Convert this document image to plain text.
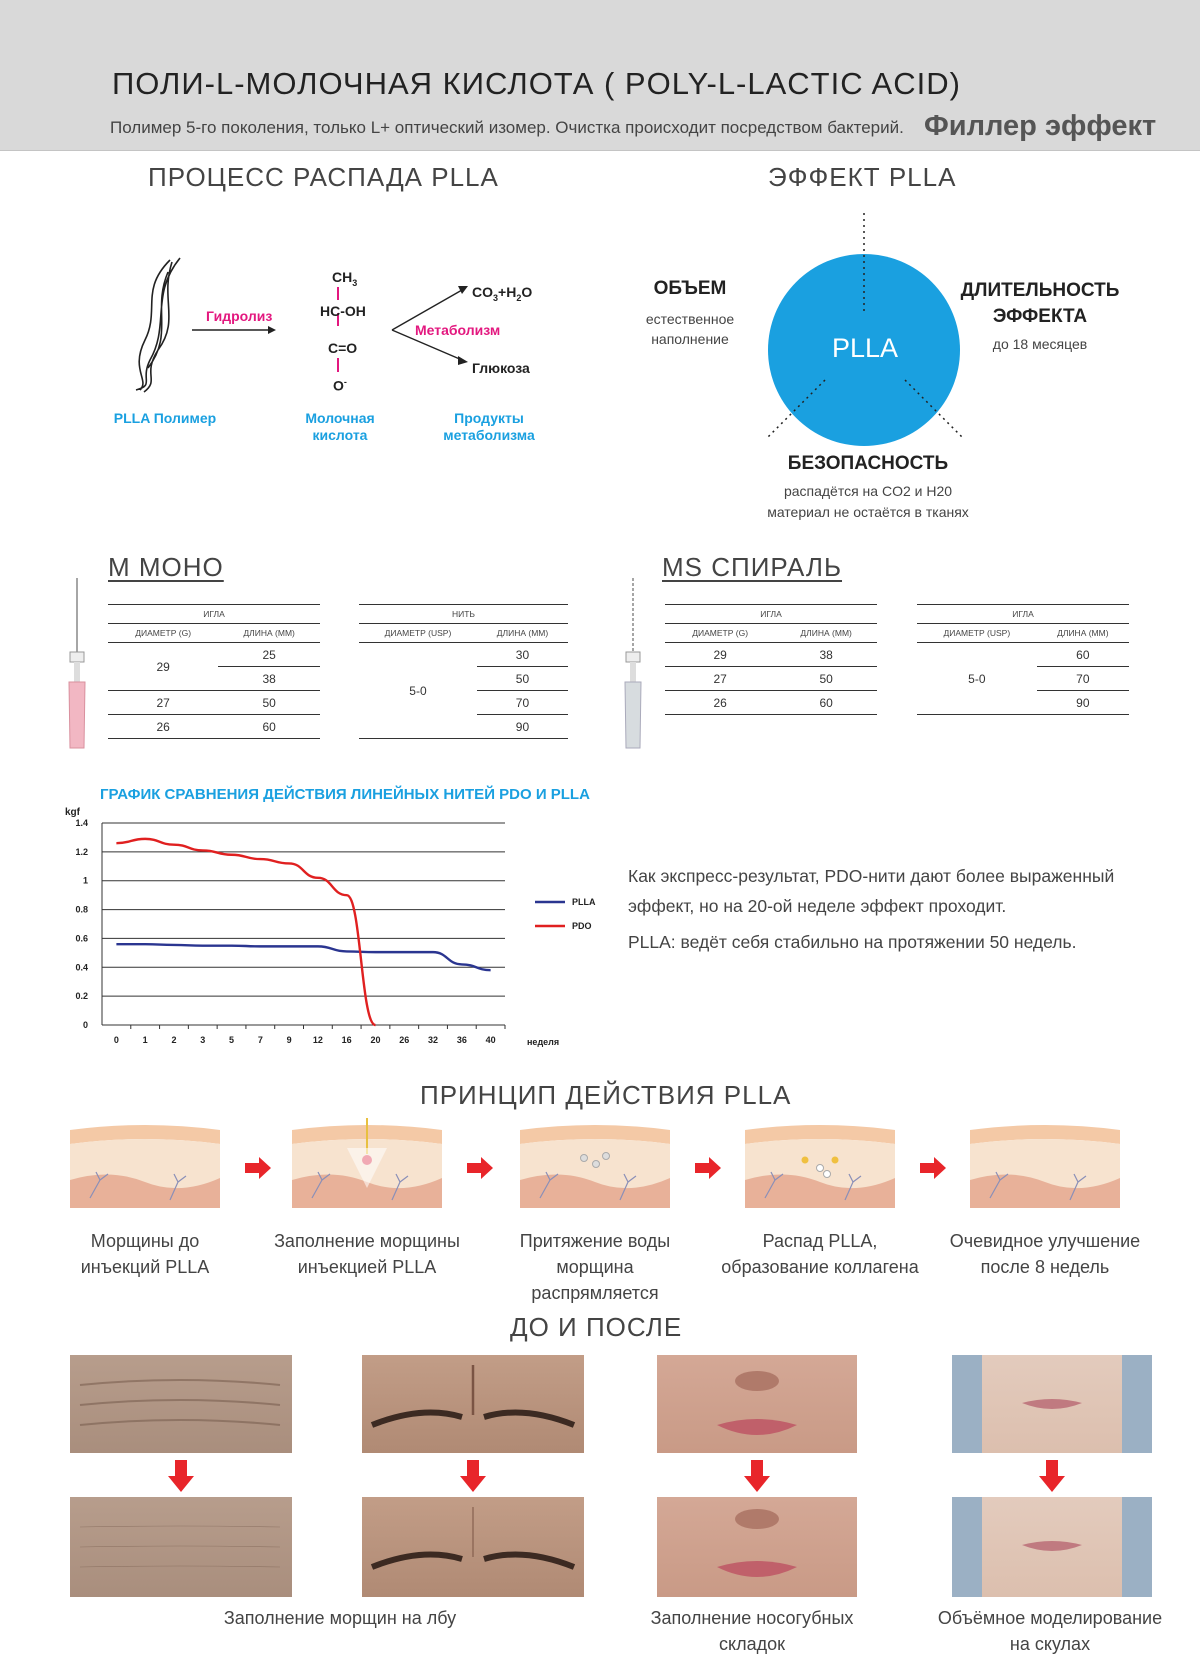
ПОЛИ-L-МОЛОЧНАЯ КИСЛОТА ( POLY-L-LACTIC ACID)
Полимер 5-го поколения, только L+ оптический изомер. Очистка происходит посредством бактерий. Филлер эффект
ПРОЦЕСС РАСПАДА PLLA
Гидролиз
$CH_3$
HC-OH
C=O
O-
Метаболизм
$CO_3+H_2O$
Глюкоза
PLLA Полимер	Молочная кислота
Продукты метаболизма
ЭФФЕКТ PLLA
PLLA
ОБЪЕМ
естественное наполнение
ДЛИТЕЛЬНОСТЬ ЭФФЕКТА
до 18 месяцев
БЕЗОПАСНОСТЬ
распадётся на CO2 и H20
материал не остаётся в тканях
M МОНО
ИГЛА	
ДИАМЕТР (G)	ДЛИНА (ММ)
29	25
	38
27	50
26	60
НИТЬ	
ДИАМЕТР (USP)	ДЛИНА (ММ)
5-0	30
	50
	70
	90
MS СПИРАЛЬ
ИГЛА	
ДИАМЕТР (G)	ДЛИНА (ММ)
29	38
27	50
26	60
ИГЛА	
ДИАМЕТР (USP)	ДЛИНА (ММ)
5-0	60
	70
	90
ГРАФИК СРАВНЕНИЯ ДЕЙСТВИЯ ЛИНЕЙНЫХ НИТЕЙ PDO И PLLA
kgf
0
0.2
0.4
0.6
0.8
1
1.2
1.4
0	1	2	3	5	7	9 12 16 20 26 32 36 40	неделя
PLLA
PDO
Как экспресс-результат, PDO-нити дают более выраженный
эффект, но на 20-ой неделе эффект проходит.
PLLA: ведёт себя стабильно на протяжении 50 недель.
ПРИНЦИП ДЕЙСТВИЯ PLLA
Морщины до
инъекций PLLA
Заполнение морщины
инъекцией PLLA
Притяжение воды
морщина распрямляется
Распад PLLA,
образование коллагена
Очевидное улучшение
после 8 недель
ДО И ПОСЛЕ
Заполнение морщин на лбу	Заполнение носогубных
складок
Объёмное моделирование
на скулах
